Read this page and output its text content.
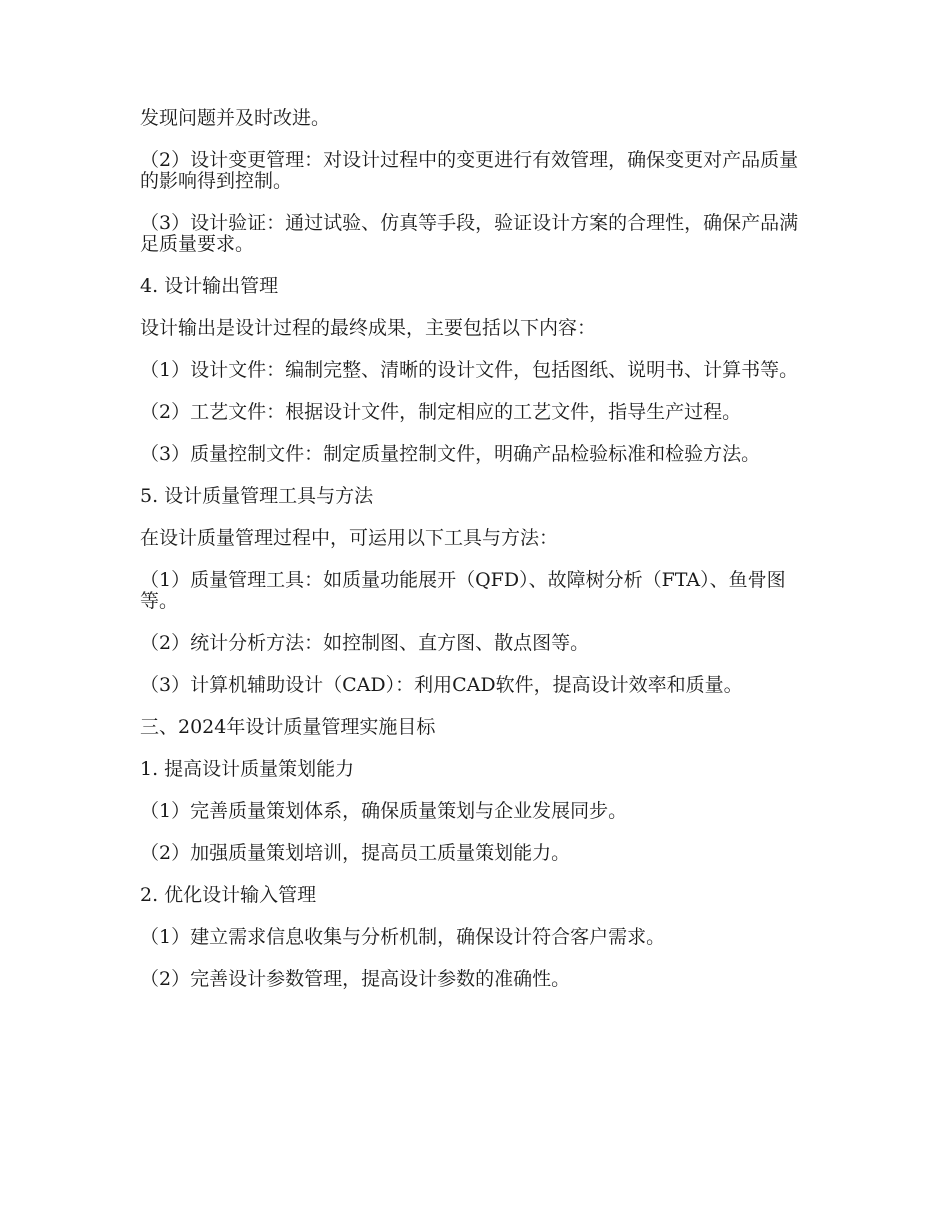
发现问题并及时改进。

（2）设计变更管理：对设计过程中的变更进行有效管理，确保变更对产品质量的影响得到控制。

（3）设计验证：通过试验、仿真等手段，验证设计方案的合理性，确保产品满足质量要求。

4. 设计输出管理

设计输出是设计过程的最终成果，主要包括以下内容：

（1）设计文件：编制完整、清晰的设计文件，包括图纸、说明书、计算书等。

（2）工艺文件：根据设计文件，制定相应的工艺文件，指导生产过程。

（3）质量控制文件：制定质量控制文件，明确产品检验标准和检验方法。

5. 设计质量管理工具与方法

在设计质量管理过程中，可运用以下工具与方法：

（1）质量管理工具：如质量功能展开（QFD）、故障树分析（FTA）、鱼骨图等。

（2）统计分析方法：如控制图、直方图、散点图等。

（3）计算机辅助设计（CAD）：利用CAD软件，提高设计效率和质量。

三、2024年设计质量管理实施目标

1. 提高设计质量策划能力

（1）完善质量策划体系，确保质量策划与企业发展同步。

（2）加强质量策划培训，提高员工质量策划能力。

2. 优化设计输入管理

（1）建立需求信息收集与分析机制，确保设计符合客户需求。

（2）完善设计参数管理，提高设计参数的准确性。
